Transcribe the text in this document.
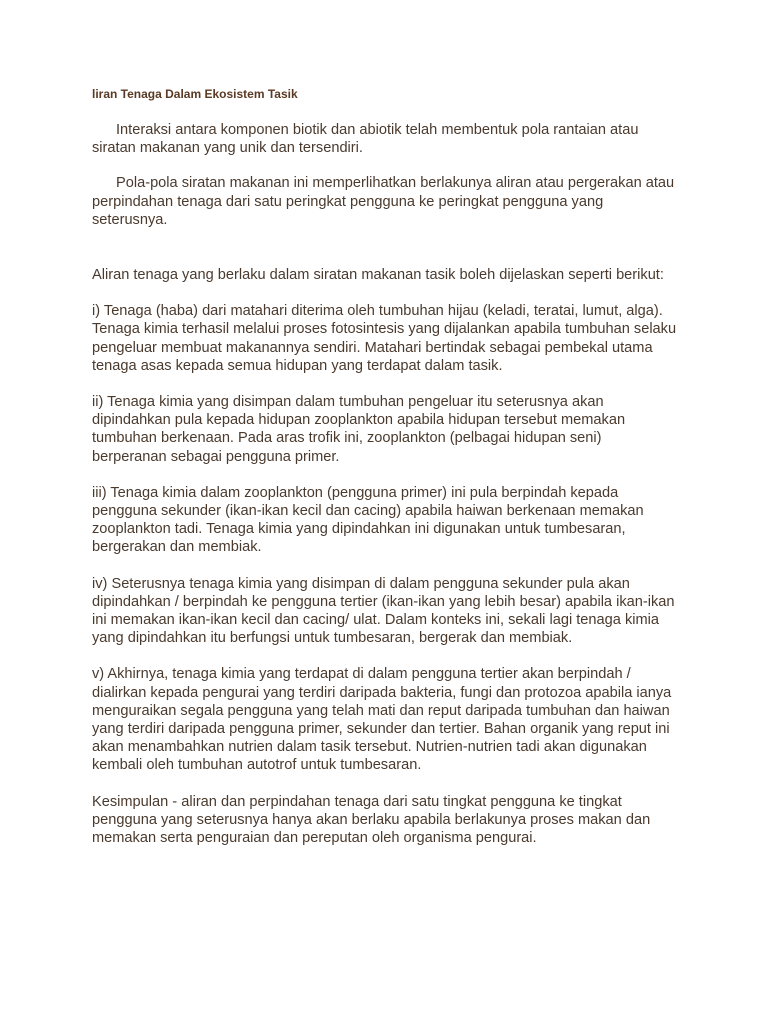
liran Tenaga Dalam Ekosistem Tasik

Interaksi antara komponen biotik dan abiotik telah membentuk pola rantaian atau siratan makanan yang unik dan tersendiri.

Pola-pola siratan makanan ini memperlihatkan berlakunya aliran atau pergerakan atau perpindahan tenaga dari satu peringkat pengguna ke peringkat pengguna yang seterusnya.

Aliran tenaga yang berlaku dalam siratan makanan tasik boleh dijelaskan seperti berikut:

i) Tenaga (haba) dari matahari diterima oleh tumbuhan hijau (keladi, teratai, lumut, alga). Tenaga kimia terhasil melalui proses fotosintesis yang dijalankan apabila tumbuhan selaku pengeluar membuat makanannya sendiri. Matahari bertindak sebagai pembekal utama tenaga asas kepada semua hidupan yang terdapat dalam tasik.

ii) Tenaga kimia yang disimpan dalam tumbuhan pengeluar itu seterusnya akan dipindahkan pula kepada hidupan zooplankton apabila hidupan tersebut memakan tumbuhan berkenaan. Pada aras trofik ini, zooplankton (pelbagai hidupan seni) berperanan sebagai pengguna primer.

iii) Tenaga kimia dalam zooplankton (pengguna primer) ini pula berpindah kepada pengguna sekunder (ikan-ikan kecil dan cacing) apabila haiwan berkenaan memakan zooplankton tadi. Tenaga kimia yang dipindahkan ini digunakan untuk tumbesaran, bergerakan dan membiak.

iv) Seterusnya tenaga kimia yang disimpan di dalam pengguna sekunder pula akan dipindahkan / berpindah ke pengguna tertier (ikan-ikan yang lebih besar) apabila ikan-ikan ini memakan ikan-ikan kecil dan cacing/ ulat. Dalam konteks ini, sekali lagi tenaga kimia yang dipindahkan itu berfungsi untuk tumbesaran, bergerak dan membiak.

v) Akhirnya, tenaga kimia yang terdapat di dalam pengguna tertier akan berpindah / dialirkan kepada pengurai yang terdiri daripada bakteria, fungi dan protozoa apabila ianya menguraikan segala pengguna yang telah mati dan reput daripada tumbuhan dan haiwan yang terdiri daripada pengguna primer, sekunder dan tertier. Bahan organik yang reput ini akan menambahkan nutrien dalam tasik tersebut. Nutrien-nutrien tadi akan digunakan kembali oleh tumbuhan autotrof untuk tumbesaran.

Kesimpulan - aliran dan perpindahan tenaga dari satu tingkat pengguna ke tingkat pengguna yang seterusnya hanya akan berlaku apabila berlakunya proses makan dan memakan serta penguraian dan pereputan oleh organisma pengurai.
